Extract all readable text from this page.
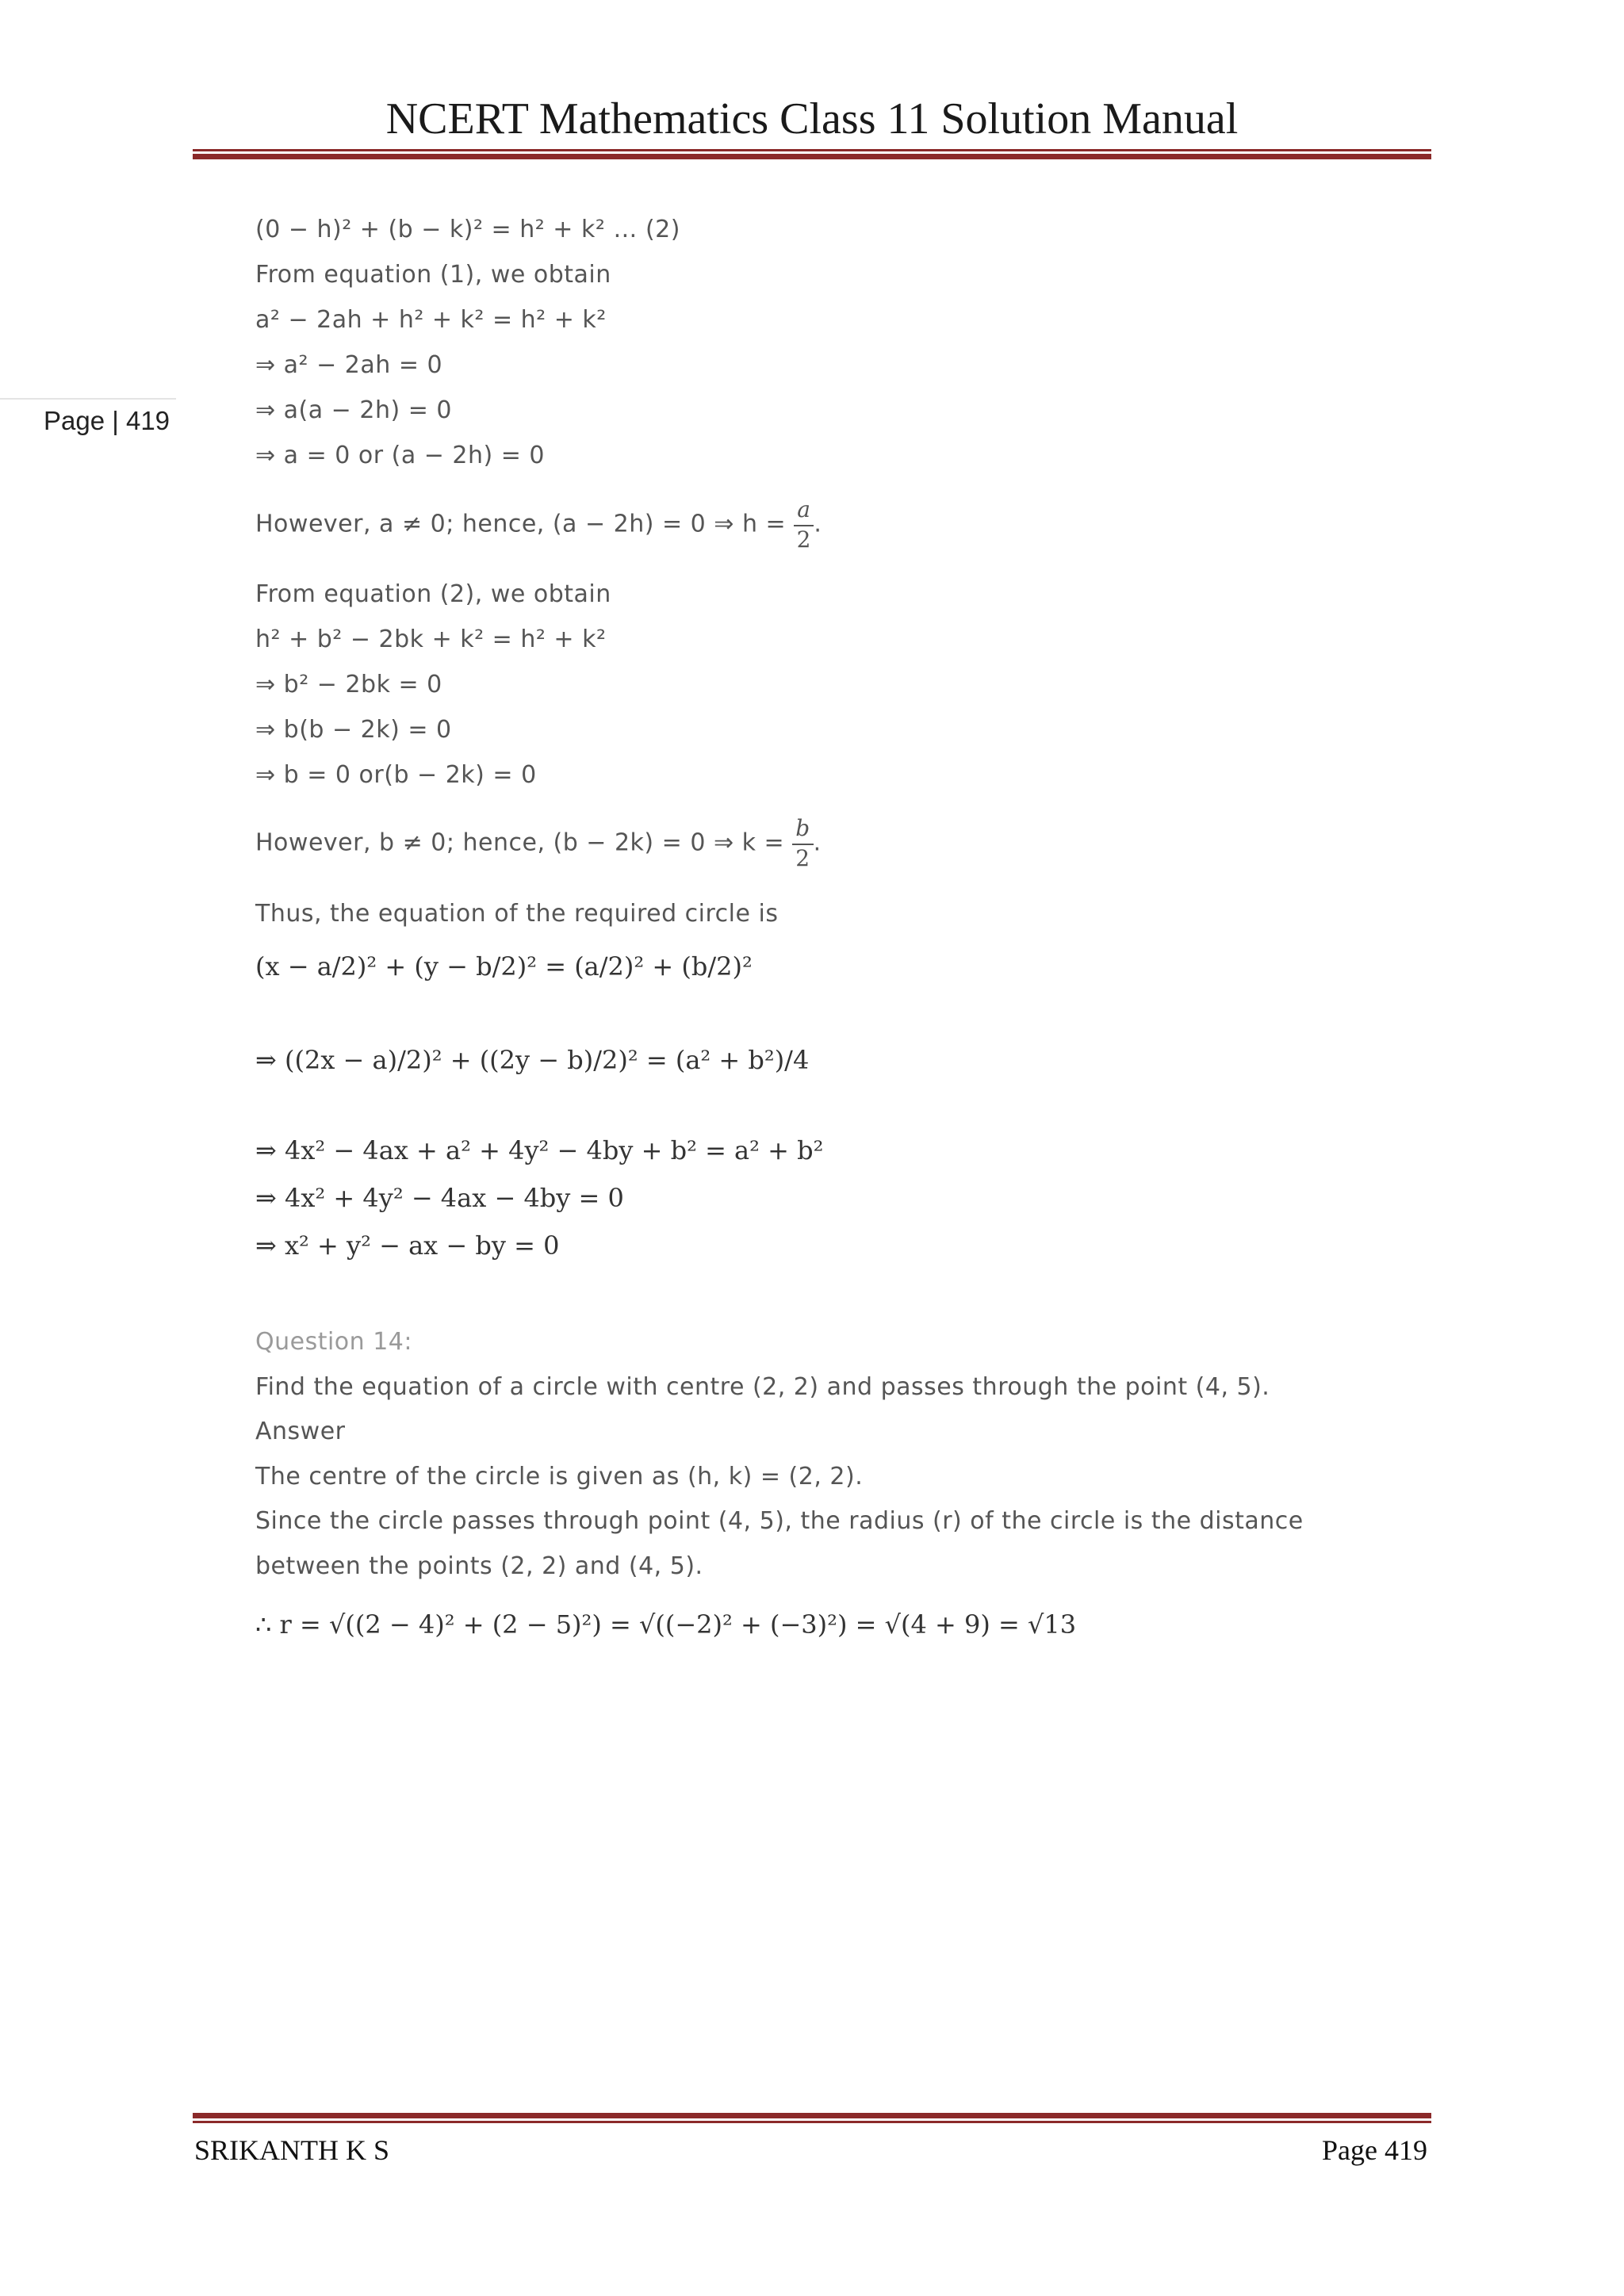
NCERT Mathematics Class 11 Solution Manual
Page | 419
(0 − h)² + (b − k)² = h² + k² … (2)
From equation (1), we obtain
a² − 2ah + h² + k² = h² + k²
⇒ a² − 2ah = 0
⇒ a(a − 2h) = 0
⇒ a = 0 or (a − 2h) = 0
However, a ≠ 0; hence, (a − 2h) = 0 ⇒ $h = \frac{a}{2}$ .
From equation (2), we obtain
h² + b² − 2bk + k² = h² + k²
⇒ b² − 2bk = 0
⇒ b(b − 2k) = 0
⇒ b = 0 or(b − 2k) = 0
However, b ≠ 0; hence, (b − 2k) = 0 ⇒ $k = \frac{b}{2}$ .
Thus, the equation of the required circle is
(x − a/2)² + (y − b/2)² = (a/2)² + (b/2)²
⇒ ((2x − a)/2)² + ((2y − b)/2)² = (a² + b²)/4
⇒ 4x² − 4ax + a² + 4y² − 4by + b² = a² + b²
⇒ 4x² + 4y² − 4ax − 4by = 0
⇒ x² + y² − ax − by = 0
Question 14:
Find the equation of a circle with centre (2, 2) and passes through the point (4, 5).
Answer
The centre of the circle is given as (h, k) = (2, 2).
Since the circle passes through point (4, 5), the radius (r) of the circle is the distance
between the points (2, 2) and (4, 5).
∴ r = √((2 − 4)² + (2 − 5)²) = √((−2)² + (−3)²) = √(4 + 9) = √13
SRIKANTH K S	Page 419
